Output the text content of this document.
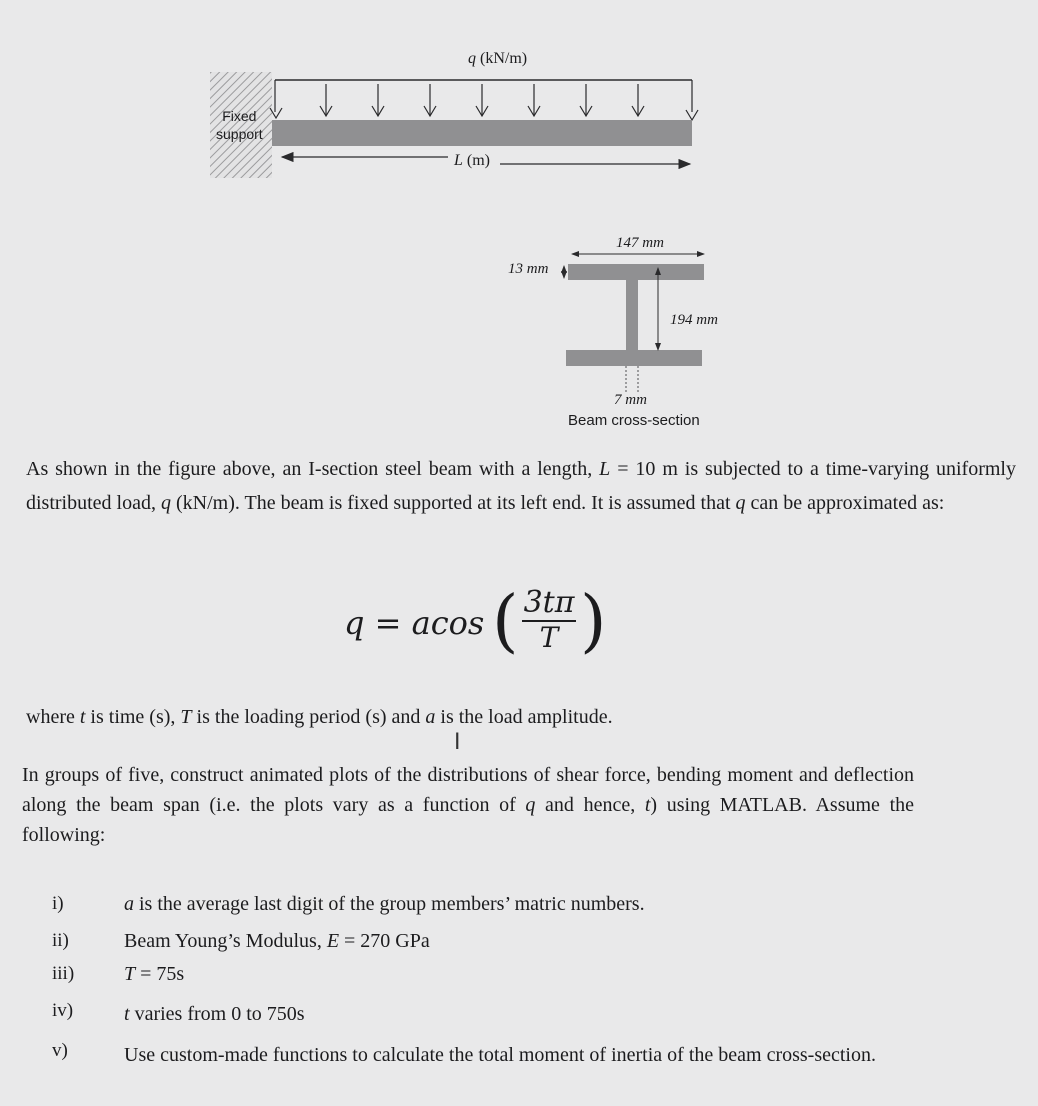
q (kN/m)
Fixed
support
L (m)
147 mm
13 mm
194 mm
7 mm
Beam cross-section
As shown in the figure above, an I-section steel beam with a length, L = 10 m is subjected to a time-varying uniformly distributed load, q (kN/m). The beam is fixed supported at its left end. It is assumed that q can be approximated as:
q = acos ( 3tπ
T )
where t is time (s), T is the loading period (s) and a is the load amplitude.
I
In groups of five, construct animated plots of the distributions of shear force, bending moment and deflection along the beam span (i.e. the plots vary as a function of q and hence, t) using MATLAB. Assume the following:
i)	a is the average last digit of the group members’ matric numbers.
ii)	Beam Young’s Modulus, E = 270 GPa
iii) T = 75s
iv)	t varies from 0 to 750s
v)	Use custom-made functions to calculate the total moment of inertia of the beam cross-section.
